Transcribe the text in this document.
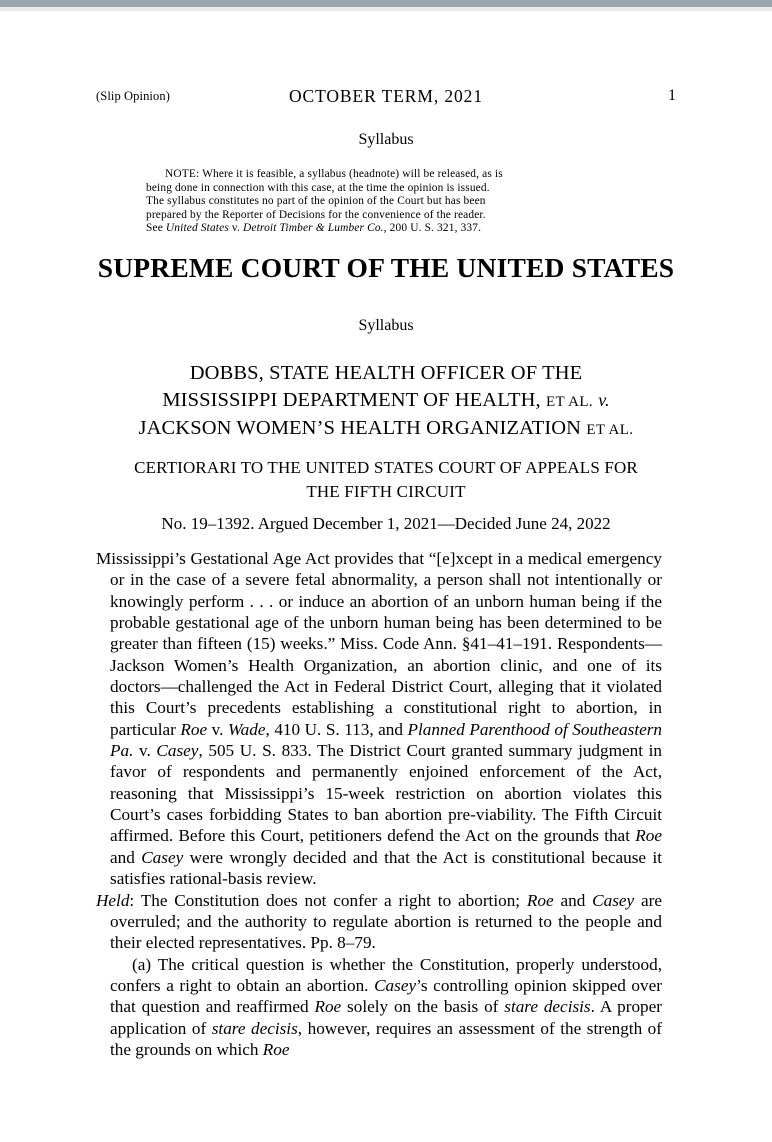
(Slip Opinion)	OCTOBER TERM, 2021	1
Syllabus
NOTE: Where it is feasible, a syllabus (headnote) will be released, as is
being done in connection with this case, at the time the opinion is issued.
The syllabus constitutes no part of the opinion of the Court but has been
prepared by the Reporter of Decisions for the convenience of the reader.
See United States v. Detroit Timber & Lumber Co., 200 U. S. 321, 337.
SUPREME COURT OF THE UNITED STATES
Syllabus
DOBBS, STATE HEALTH OFFICER OF THE
MISSISSIPPI DEPARTMENT OF HEALTH, ET AL. v.
JACKSON WOMEN’S HEALTH ORGANIZATION ET AL.
CERTIORARI TO THE UNITED STATES COURT OF APPEALS FOR
THE FIFTH CIRCUIT
No. 19–1392. Argued December 1, 2021—Decided June 24, 2022

Mississippi’s Gestational Age Act provides that “[e]xcept in a medical emergency or in the case of a severe fetal abnormality, a person shall not intentionally or knowingly perform . . . or induce an abortion of an unborn human being if the probable gestational age of the unborn human being has been determined to be greater than fifteen (15) weeks.” Miss. Code Ann. §41–41–191. Respondents—Jackson Women’s Health Organization, an abortion clinic, and one of its doctors—challenged the Act in Federal District Court, alleging that it violated this Court’s precedents establishing a constitutional right to abortion, in particular Roe v. Wade, 410 U. S. 113, and Planned Parenthood of Southeastern Pa. v. Casey, 505 U. S. 833. The District Court granted summary judgment in favor of respondents and permanently enjoined enforcement of the Act, reasoning that Mississippi’s 15-week restriction on abortion violates this Court’s cases forbidding States to ban abortion pre-viability. The Fifth Circuit affirmed. Before this Court, petitioners defend the Act on the grounds that Roe and Casey were wrongly decided and that the Act is constitutional because it satisfies rational-basis review.

Held: The Constitution does not confer a right to abortion; Roe and Casey are overruled; and the authority to regulate abortion is returned to the people and their elected representatives. Pp. 8–79.

(a) The critical question is whether the Constitution, properly understood, confers a right to obtain an abortion. Casey’s controlling opinion skipped over that question and reaffirmed Roe solely on the basis of stare decisis. A proper application of stare decisis, however, requires an assessment of the strength of the grounds on which Roe
